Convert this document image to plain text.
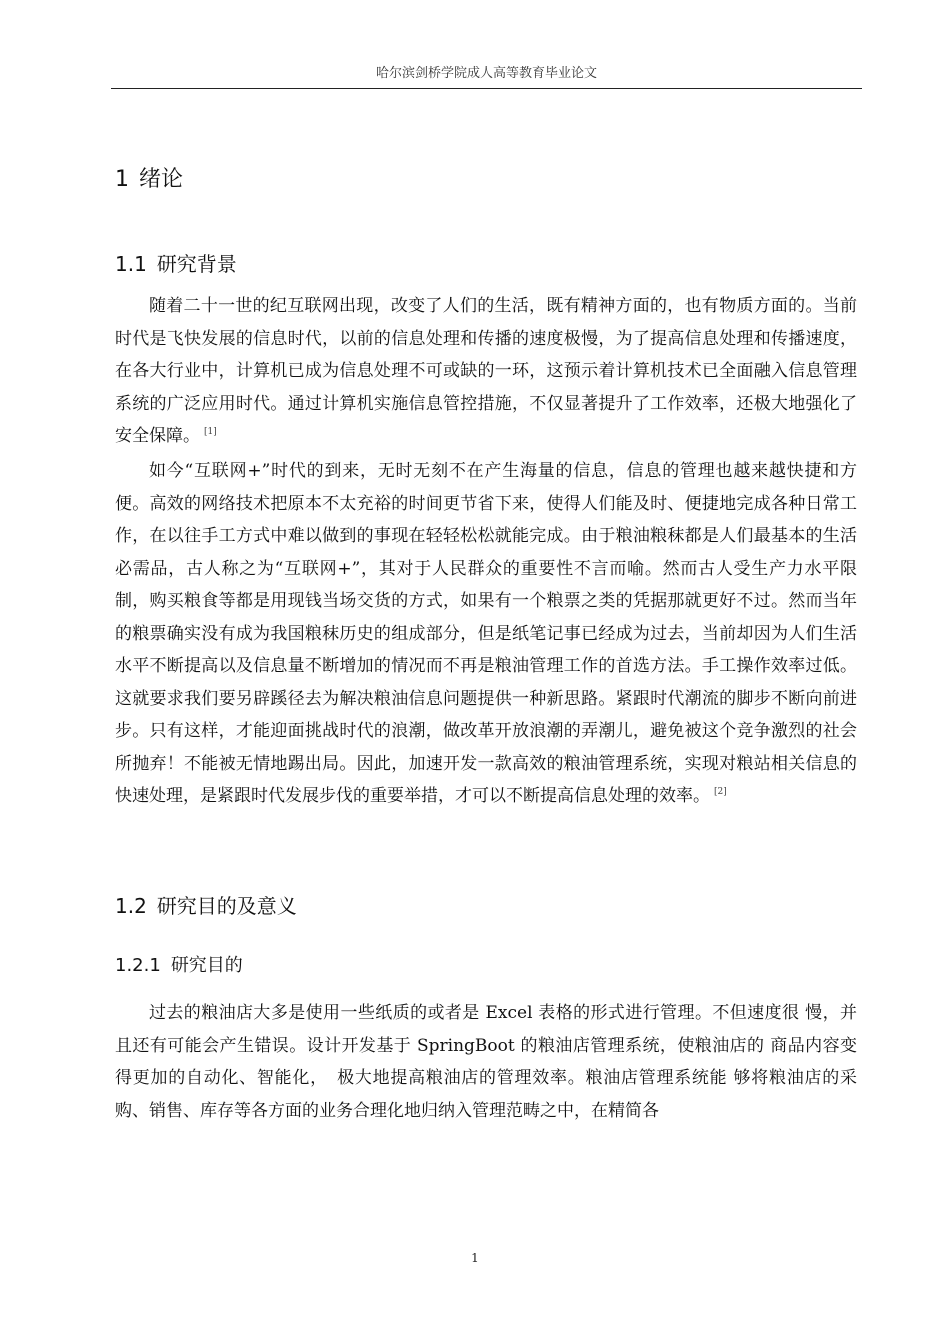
哈尔滨剑桥学院成人高等教育毕业论文
1 绪论
1.1 研究背景

随着二十一世的纪互联网出现，改变了人们的生活，既有精神方面的，也有物质方面的。当前时代是飞快发展的信息时代，以前的信息处理和传播的速度极慢，为了提高信息处理和传播速度，在各大行业中，计算机已成为信息处理不可或缺的一环，这预示着计算机技术已全面融入信息管理系统的广泛应用时代。通过计算机实施信息管控措施，不仅显著提升了工作效率，还极大地强化了安全保障。 [1]

如今“互联网+”时代的到来，无时无刻不在产生海量的信息，信息的管理也越来越快捷和方便。高效的网络技术把原本不太充裕的时间更节省下来，使得人们能及时、便捷地完成各种日常工作，在以往手工方式中难以做到的事现在轻轻松松就能完成。由于粮油粮秣都是人们最基本的生活必需品，古人称之为“互联网+”，其对于人民群众的重要性不言而喻。然而古人受生产力水平限制，购买粮食等都是用现钱当场交货的方式，如果有一个粮票之类的凭据那就更好不过。然而当年的粮票确实没有成为我国粮秣历史的组成部分，但是纸笔记事已经成为过去，当前却因为人们生活水平不断提高以及信息量不断增加的情况而不再是粮油管理工作的首选方法。手工操作效率过低。这就要求我们要另辟蹊径去为解决粮油信息问题提供一种新思路。紧跟时代潮流的脚步不断向前进步。只有这样，才能迎面挑战时代的浪潮，做改革开放浪潮的弄潮儿，避免被这个竞争激烈的社会所抛弃！不能被无情地踢出局。因此，加速开发一款高效的粮油管理系统，实现对粮站相关信息的快速处理，是紧跟时代发展步伐的重要举措，才可以不断提高信息处理的效率。 [2]

1.2 研究目的及意义
1.2.1 研究目的

过去的粮油店大多是使用一些纸质的或者是 Excel 表格的形式进行管理。不但速度很 慢，并且还有可能会产生错误。设计开发基于 SpringBoot 的粮油店管理系统，使粮油店的 商品内容变得更加的自动化、智能化，　极大地提高粮油店的管理效率。粮油店管理系统能 够将粮油店的采购、销售、库存等各方面的业务合理化地归纳入管理范畴之中，在精简各

1
